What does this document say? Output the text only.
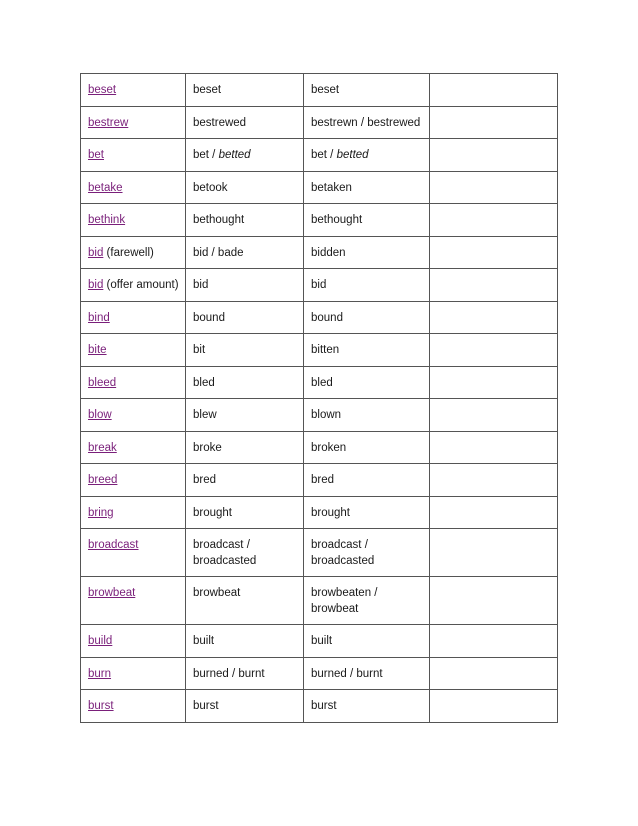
beset	beset	beset	
bestrew	bestrewed	bestrewn / bestrewed	
bet	bet / betted	bet / betted	
betake	betook	betaken	
bethink	bethought	bethought	
bid (farewell)	bid / bade	bidden	
bid (offer amount)	bid	bid	
bind	bound	bound	
bite	bit	bitten	
bleed	bled	bled	
blow	blew	blown	
break	broke	broken	
breed	bred	bred	
bring	brought	brought	
broadcast	broadcast / broadcasted	broadcast / broadcasted	
browbeat	browbeat	browbeaten / browbeat	
build	built	built	
burn	burned / burnt	burned / burnt	
burst	burst	burst	
